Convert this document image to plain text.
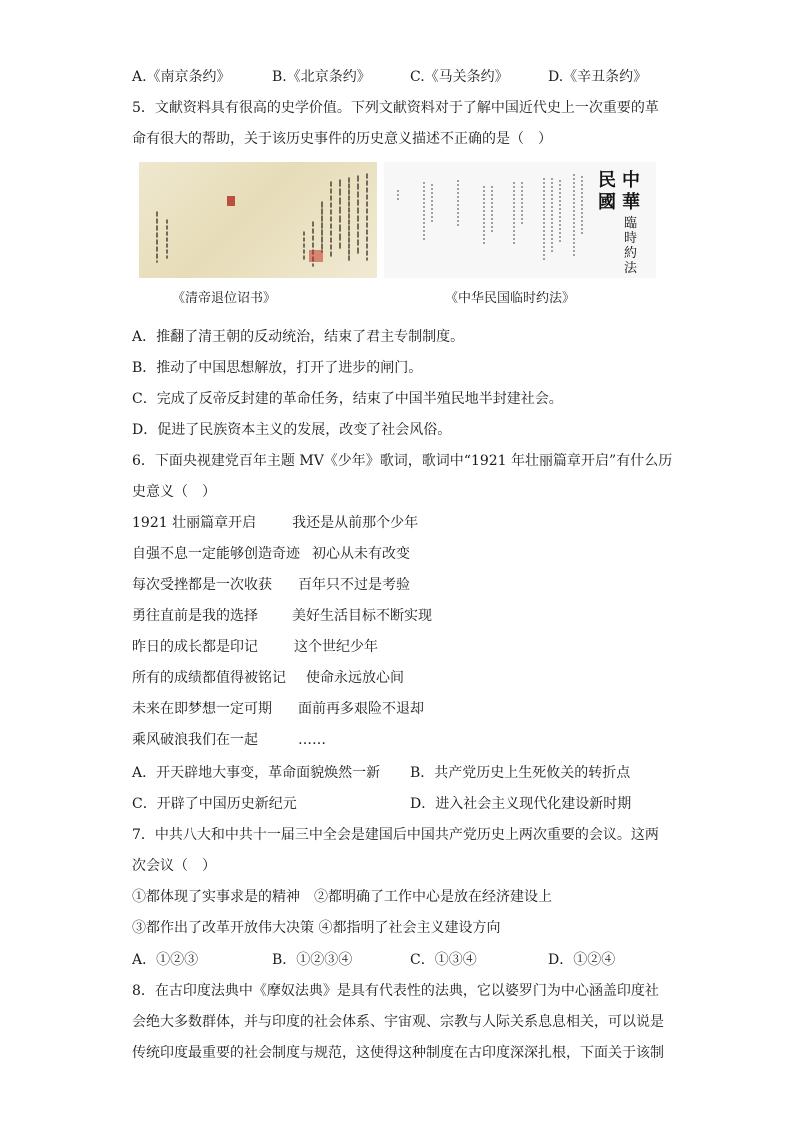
A.《南京条约》	B.《北京条约》	C.《马关条约》	D.《辛丑条约》
5．文献资料具有很高的史学价值。下列文献资料对于了解中国近代史上一次重要的革
命有很大的帮助，关于该历史事件的历史意义描述不正确的是（　）
中華
民國
臨時約法
《清帝退位诏书》	《中华民国临时约法》
A．推翻了清王朝的反动统治，结束了君主专制制度。
B．推动了中国思想解放，打开了进步的闸门。
C．完成了反帝反封建的革命任务，结束了中国半殖民地半封建社会。
D．促进了民族资本主义的发展，改变了社会风俗。
6．下面央视建党百年主题 MV《少年》歌词，歌词中“1921 年壮丽篇章开启”有什么历
史意义（　）
1921 壮丽篇章开启	我还是从前那个少年
自强不息一定能够创造奇迹 初心从未有改变
每次受挫都是一次收获 百年只不过是考验
勇往直前是我的选择 美好生活目标不断实现
昨日的成长都是印记	这个世纪少年
所有的成绩都值得被铭记 使命永远放心间
未来在即梦想一定可期 面前再多艰险不退却
乘风破浪我们在一起	……
A．开天辟地大事变，革命面貌焕然一新 B．共产党历史上生死攸关的转折点
C．开辟了中国历史新纪元	D．进入社会主义现代化建设新时期
7．中共八大和中共十一届三中全会是建国后中国共产党历史上两次重要的会议。这两
次会议（　）
①都体现了实事求是的精神　②都明确了工作中心是放在经济建设上
③都作出了改革开放伟大决策 ④都指明了社会主义建设方向
A．①②③	B．①②③④	C．①③④	D．①②④
8．在古印度法典中《摩奴法典》是具有代表性的法典，它以婆罗门为中心涵盖印度社
会绝大多数群体，并与印度的社会体系、宇宙观、宗教与人际关系息息相关，可以说是
传统印度最重要的社会制度与规范，这使得这种制度在古印度深深扎根，下面关于该制
